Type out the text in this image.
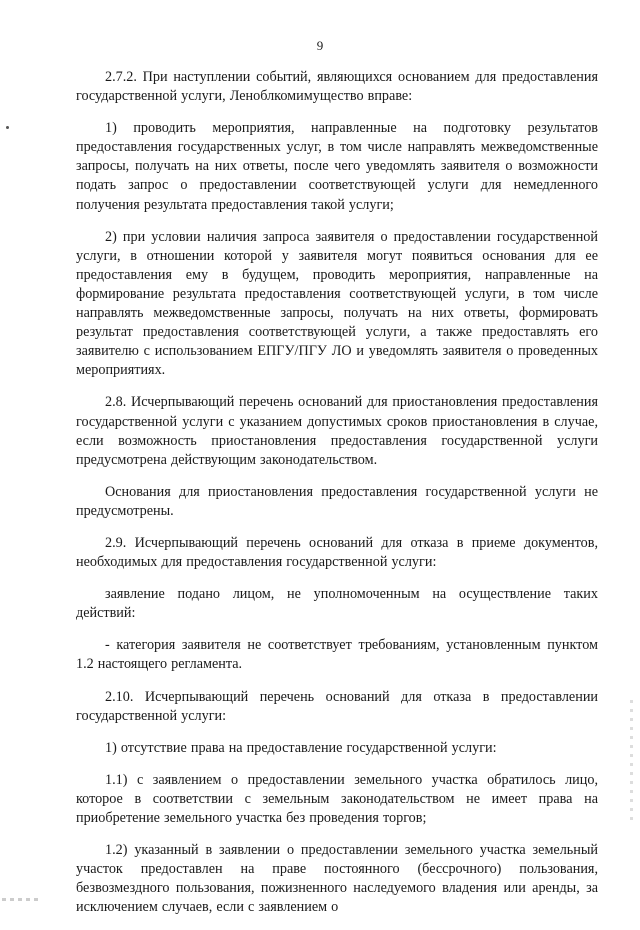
9

2.7.2. При наступлении событий, являющихся основанием для предоставления государственной услуги, Леноблкомимущество вправе:

1) проводить мероприятия, направленные на подготовку результатов предоставления государственных услуг, в том числе направлять межведомственные запросы, получать на них ответы, после чего уведомлять заявителя о возможности подать запрос о предоставлении соответствующей услуги для немедленного получения результата предоставления такой услуги;

2) при условии наличия запроса заявителя о предоставлении государственной услуги, в отношении которой у заявителя могут появиться основания для ее предоставления ему в будущем, проводить мероприятия, направленные на формирование результата предоставления соответствующей услуги, в том числе направлять межведомственные запросы, получать на них ответы, формировать результат предоставления соответствующей услуги, а также предоставлять его заявителю с использованием ЕПГУ/ПГУ ЛО и уведомлять заявителя о проведенных мероприятиях.

2.8. Исчерпывающий перечень оснований для приостановления предоставления государственной услуги с указанием допустимых сроков приостановления в случае, если возможность приостановления предоставления государственной услуги предусмотрена действующим законодательством.

Основания для приостановления предоставления государственной услуги не предусмотрены.

2.9. Исчерпывающий перечень оснований для отказа в приеме документов, необходимых для предоставления государственной услуги:

заявление подано лицом, не уполномоченным на осуществление таких действий:

- категория заявителя не соответствует требованиям, установленным пунктом 1.2 настоящего регламента.

2.10. Исчерпывающий перечень оснований для отказа в предоставлении государственной услуги:

1) отсутствие права на предоставление государственной услуги:

1.1) с заявлением о предоставлении земельного участка обратилось лицо, которое в соответствии с земельным законодательством не имеет права на приобретение земельного участка без проведения торгов;

1.2) указанный в заявлении о предоставлении земельного участка земельный участок предоставлен на праве постоянного (бессрочного) пользования, безвозмездного пользования, пожизненного наследуемого владения или аренды, за исключением случаев, если с заявлением о
